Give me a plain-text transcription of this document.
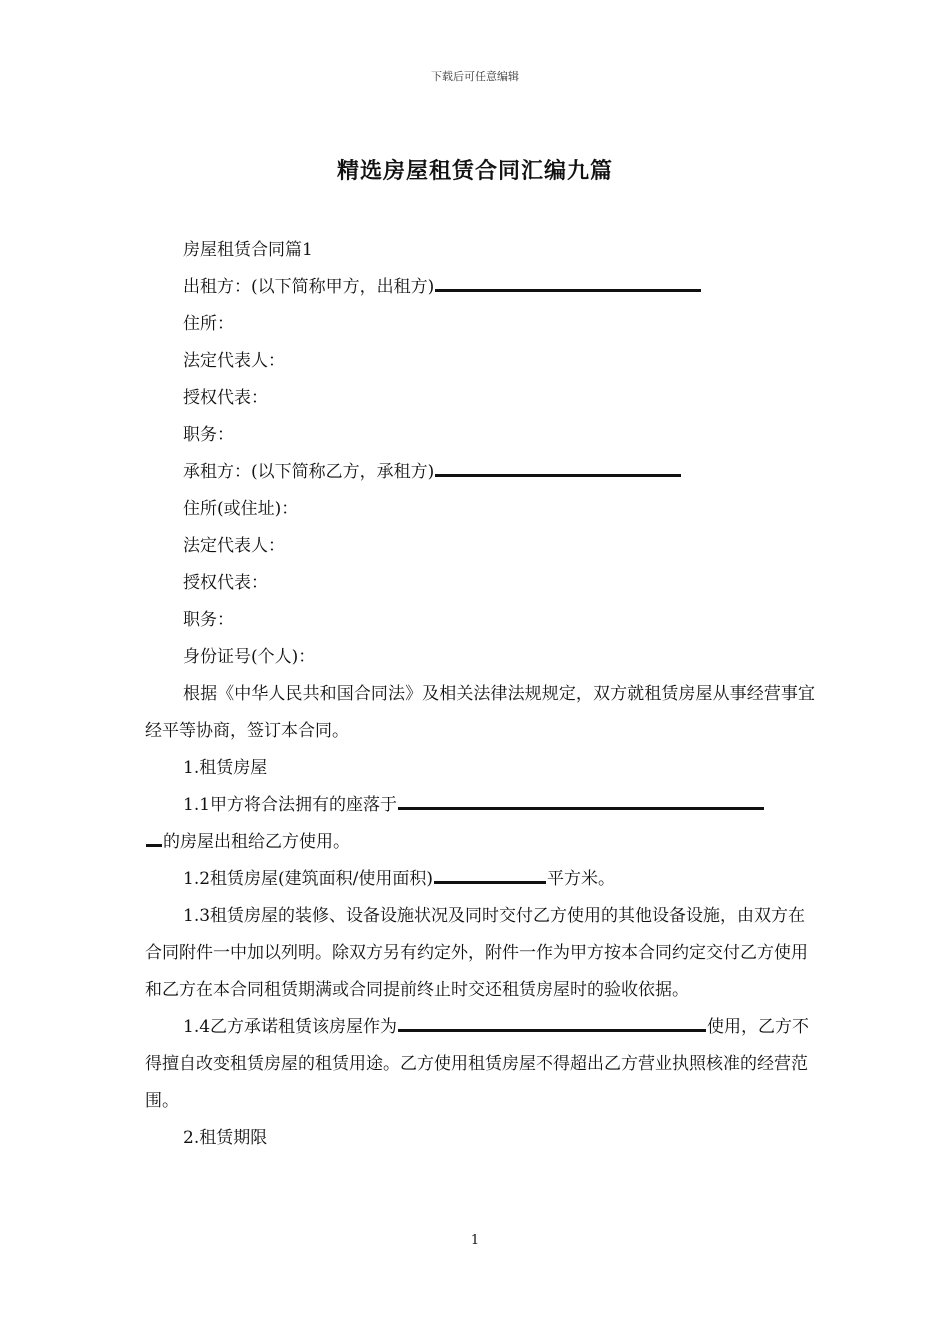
下载后可任意编辑
精选房屋租赁合同汇编九篇

房屋租赁合同篇1

出租方：(以下简称甲方，出租方)

住所：

法定代表人：

授权代表：

职务：

承租方：(以下简称乙方，承租方)

住所(或住址)：

法定代表人：

授权代表：

职务：

身份证号(个人)：

根据《中华人民共和国合同法》及相关法律法规规定，双方就租赁房屋从事经营事宜经平等协商，签订本合同。

1.租赁房屋

1.1甲方将合法拥有的座落于

的房屋出租给乙方使用。

1.2租赁房屋(建筑面积/使用面积)	平方米。

1.3租赁房屋的装修、设备设施状况及同时交付乙方使用的其他设备设施，由双方在合同附件一中加以列明。除双方另有约定外，附件一作为甲方按本合同约定交付乙方使用和乙方在本合同租赁期满或合同提前终止时交还租赁房屋时的验收依据。

1.4乙方承诺租赁该房屋作为	使用，乙方不得擅自改变租赁房屋的租赁用途。乙方使用租赁房屋不得超出乙方营业执照核准的经营范围。

2.租赁期限

1
